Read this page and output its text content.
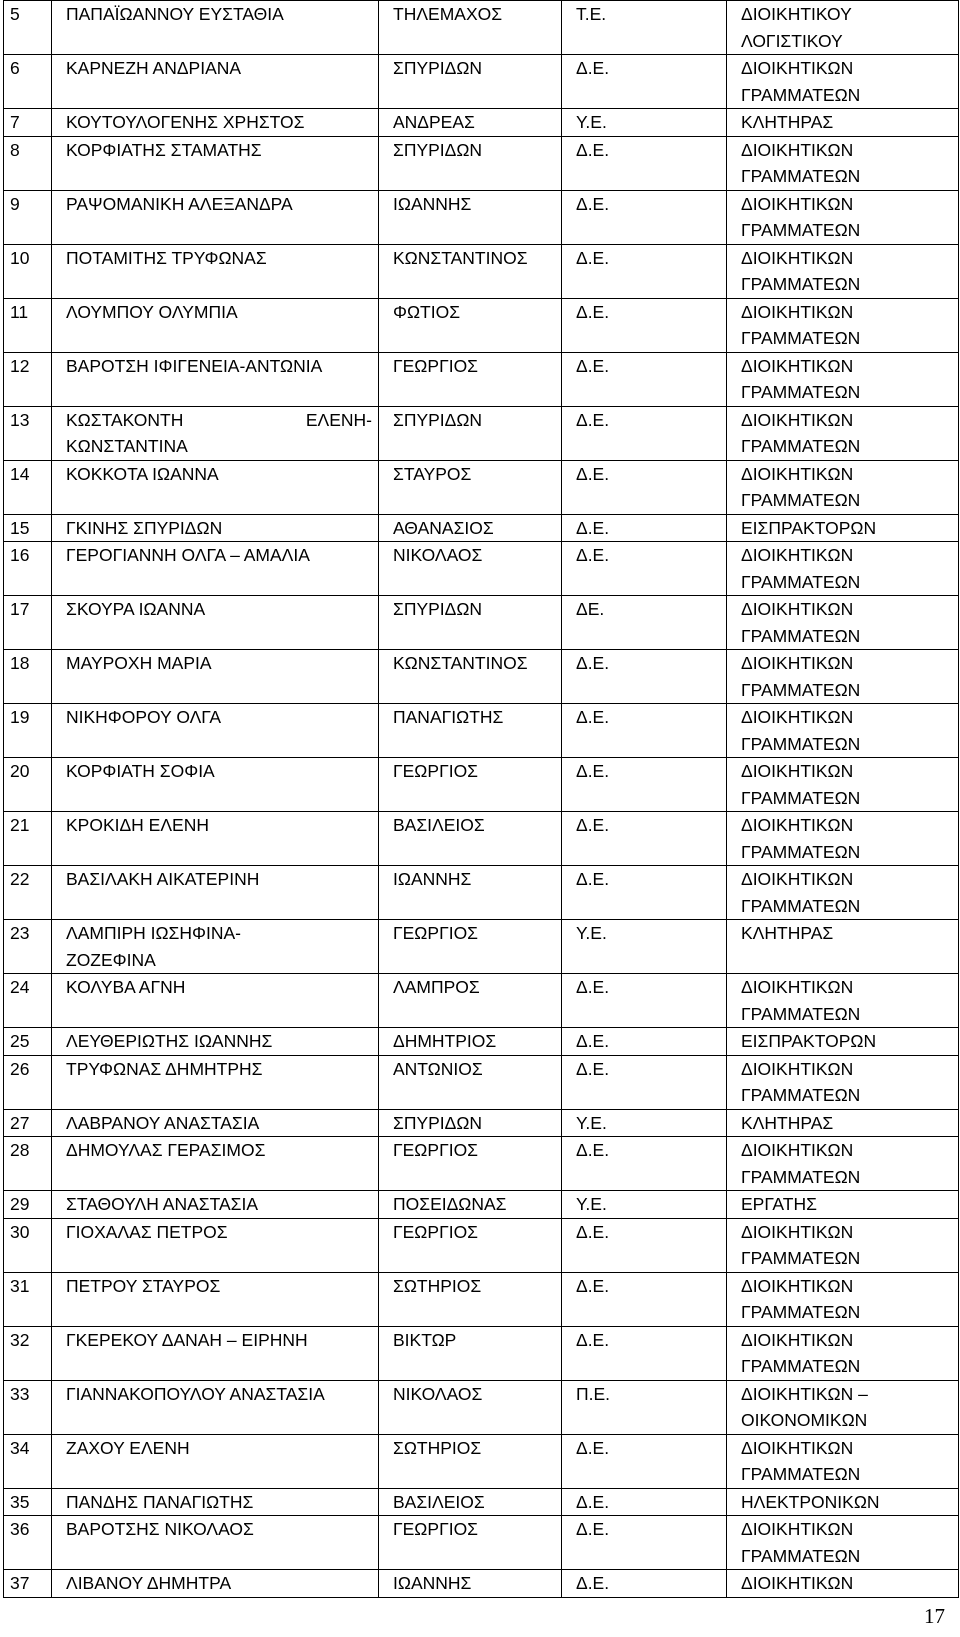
5	ΠΑΠΑΪΩΑΝΝΟΥ ΕΥΣΤΑΘΙΑ	ΤΗΛΕΜΑΧΟΣ	Τ.Ε.	ΔΙΟΙΚΗΤΙΚΟΥ
ΛΟΓΙΣΤΙΚΟΥ
6	ΚΑΡΝΕΖΗ ΑΝΔΡΙΑΝΑ	ΣΠΥΡΙΔΩΝ	Δ.Ε.	ΔΙΟΙΚΗΤΙΚΩΝ
ΓΡΑΜΜΑΤΕΩΝ
7	ΚΟΥΤΟΥΛΟΓΕΝΗΣ ΧΡΗΣΤΟΣ	ΑΝΔΡΕΑΣ	Υ.Ε.	ΚΛΗΤΗΡΑΣ
8	ΚΟΡΦΙΑΤΗΣ ΣΤΑΜΑΤΗΣ	ΣΠΥΡΙΔΩΝ	Δ.Ε.	ΔΙΟΙΚΗΤΙΚΩΝ
ΓΡΑΜΜΑΤΕΩΝ
9	ΡΑΨΟΜΑΝΙΚΗ ΑΛΕΞΑΝΔΡΑ	ΙΩΑΝΝΗΣ	Δ.Ε.	ΔΙΟΙΚΗΤΙΚΩΝ
ΓΡΑΜΜΑΤΕΩΝ
10	ΠΟΤΑΜΙΤΗΣ ΤΡΥΦΩΝΑΣ	ΚΩΝΣΤΑΝΤΙΝΟΣ	Δ.Ε.	ΔΙΟΙΚΗΤΙΚΩΝ
ΓΡΑΜΜΑΤΕΩΝ
11	ΛΟΥΜΠΟΥ ΟΛΥΜΠΙΑ	ΦΩΤΙΟΣ	Δ.Ε.	ΔΙΟΙΚΗΤΙΚΩΝ
ΓΡΑΜΜΑΤΕΩΝ
12	ΒΑΡΟΤΣΗ ΙΦΙΓΕΝΕΙΑ-ΑΝΤΩΝΙΑ	ΓΕΩΡΓΙΟΣ	Δ.Ε.	ΔΙΟΙΚΗΤΙΚΩΝ
ΓΡΑΜΜΑΤΕΩΝ
13	ΚΩΣΤΑΚΟΝΤΗ ΕΛΕΝΗ-ΚΩΝΣΤΑΝΤΙΝΑ	ΣΠΥΡΙΔΩΝ	Δ.Ε.	ΔΙΟΙΚΗΤΙΚΩΝ
ΓΡΑΜΜΑΤΕΩΝ
14	ΚΟΚΚΟΤΑ ΙΩΑΝΝΑ	ΣΤΑΥΡΟΣ	Δ.Ε.	ΔΙΟΙΚΗΤΙΚΩΝ
ΓΡΑΜΜΑΤΕΩΝ
15	ΓΚΙΝΗΣ ΣΠΥΡΙΔΩΝ	ΑΘΑΝΑΣΙΟΣ	Δ.Ε.	ΕΙΣΠΡΑΚΤΟΡΩΝ
16	ΓΕΡΟΓΙΑΝΝΗ ΟΛΓΑ – ΑΜΑΛΙΑ	ΝΙΚΟΛΑΟΣ	Δ.Ε.	ΔΙΟΙΚΗΤΙΚΩΝ
ΓΡΑΜΜΑΤΕΩΝ
17	ΣΚΟΥΡΑ ΙΩΑΝΝΑ	ΣΠΥΡΙΔΩΝ	ΔΕ.	ΔΙΟΙΚΗΤΙΚΩΝ
ΓΡΑΜΜΑΤΕΩΝ
18	ΜΑΥΡΟΧΗ ΜΑΡΙΑ	ΚΩΝΣΤΑΝΤΙΝΟΣ	Δ.Ε.	ΔΙΟΙΚΗΤΙΚΩΝ
ΓΡΑΜΜΑΤΕΩΝ
19	ΝΙΚΗΦΟΡΟΥ ΟΛΓΑ	ΠΑΝΑΓΙΩΤΗΣ	Δ.Ε.	ΔΙΟΙΚΗΤΙΚΩΝ
ΓΡΑΜΜΑΤΕΩΝ
20	ΚΟΡΦΙΑΤΗ ΣΟΦΙΑ	ΓΕΩΡΓΙΟΣ	Δ.Ε.	ΔΙΟΙΚΗΤΙΚΩΝ
ΓΡΑΜΜΑΤΕΩΝ
21	ΚΡΟΚΙΔΗ ΕΛΕΝΗ	ΒΑΣΙΛΕΙΟΣ	Δ.Ε.	ΔΙΟΙΚΗΤΙΚΩΝ
ΓΡΑΜΜΑΤΕΩΝ
22	ΒΑΣΙΛΑΚΗ ΑΙΚΑΤΕΡΙΝΗ	ΙΩΑΝΝΗΣ	Δ.Ε.	ΔΙΟΙΚΗΤΙΚΩΝ
ΓΡΑΜΜΑΤΕΩΝ
23	ΛΑΜΠΙΡΗ ΙΩΣΗΦΙΝΑ-
ΖΟΖΕΦΙΝΑ	ΓΕΩΡΓΙΟΣ	Υ.Ε.	ΚΛΗΤΗΡΑΣ
24	ΚΟΛΥΒΑ ΑΓΝΗ	ΛΑΜΠΡΟΣ	Δ.Ε.	ΔΙΟΙΚΗΤΙΚΩΝ
ΓΡΑΜΜΑΤΕΩΝ
25	ΛΕΥΘΕΡΙΩΤΗΣ ΙΩΑΝΝΗΣ	ΔΗΜΗΤΡΙΟΣ	Δ.Ε.	ΕΙΣΠΡΑΚΤΟΡΩΝ
26	ΤΡΥΦΩΝΑΣ ΔΗΜΗΤΡΗΣ	ΑΝΤΩΝΙΟΣ	Δ.Ε.	ΔΙΟΙΚΗΤΙΚΩΝ
ΓΡΑΜΜΑΤΕΩΝ
27	ΛΑΒΡΑΝΟΥ ΑΝΑΣΤΑΣΙΑ	ΣΠΥΡΙΔΩΝ	Υ.Ε.	ΚΛΗΤΗΡΑΣ
28	ΔΗΜΟΥΛΑΣ ΓΕΡΑΣΙΜΟΣ	ΓΕΩΡΓΙΟΣ	Δ.Ε.	ΔΙΟΙΚΗΤΙΚΩΝ
ΓΡΑΜΜΑΤΕΩΝ
29	ΣΤΑΘΟΥΛΗ ΑΝΑΣΤΑΣΙΑ	ΠΟΣΕΙΔΩΝΑΣ	Υ.Ε.	ΕΡΓΑΤΗΣ
30	ΓΙΟΧΑΛΑΣ ΠΕΤΡΟΣ	ΓΕΩΡΓΙΟΣ	Δ.Ε.	ΔΙΟΙΚΗΤΙΚΩΝ
ΓΡΑΜΜΑΤΕΩΝ
31	ΠΕΤΡΟΥ ΣΤΑΥΡΟΣ	ΣΩΤΗΡΙΟΣ	Δ.Ε.	ΔΙΟΙΚΗΤΙΚΩΝ
ΓΡΑΜΜΑΤΕΩΝ
32	ΓΚΕΡΕΚΟΥ ΔΑΝΑΗ – ΕΙΡΗΝΗ	ΒΙΚΤΩΡ	Δ.Ε.	ΔΙΟΙΚΗΤΙΚΩΝ
ΓΡΑΜΜΑΤΕΩΝ
33	ΓΙΑΝΝΑΚΟΠΟΥΛΟΥ ΑΝΑΣΤΑΣΙΑ	ΝΙΚΟΛΑΟΣ	Π.Ε.	ΔΙΟΙΚΗΤΙΚΩΝ –
ΟΙΚΟΝΟΜΙΚΩΝ
34	ΖΑΧΟΥ ΕΛΕΝΗ	ΣΩΤΗΡΙΟΣ	Δ.Ε.	ΔΙΟΙΚΗΤΙΚΩΝ
ΓΡΑΜΜΑΤΕΩΝ
35	ΠΑΝΔΗΣ ΠΑΝΑΓΙΩΤΗΣ	ΒΑΣΙΛΕΙΟΣ	Δ.Ε.	ΗΛΕΚΤΡΟΝΙΚΩΝ
36	ΒΑΡΟΤΣΗΣ ΝΙΚΟΛΑΟΣ	ΓΕΩΡΓΙΟΣ	Δ.Ε.	ΔΙΟΙΚΗΤΙΚΩΝ
ΓΡΑΜΜΑΤΕΩΝ
37	ΛΙΒΑΝΟΥ ΔΗΜΗΤΡΑ	ΙΩΑΝΝΗΣ	Δ.Ε.	ΔΙΟΙΚΗΤΙΚΩΝ
17
